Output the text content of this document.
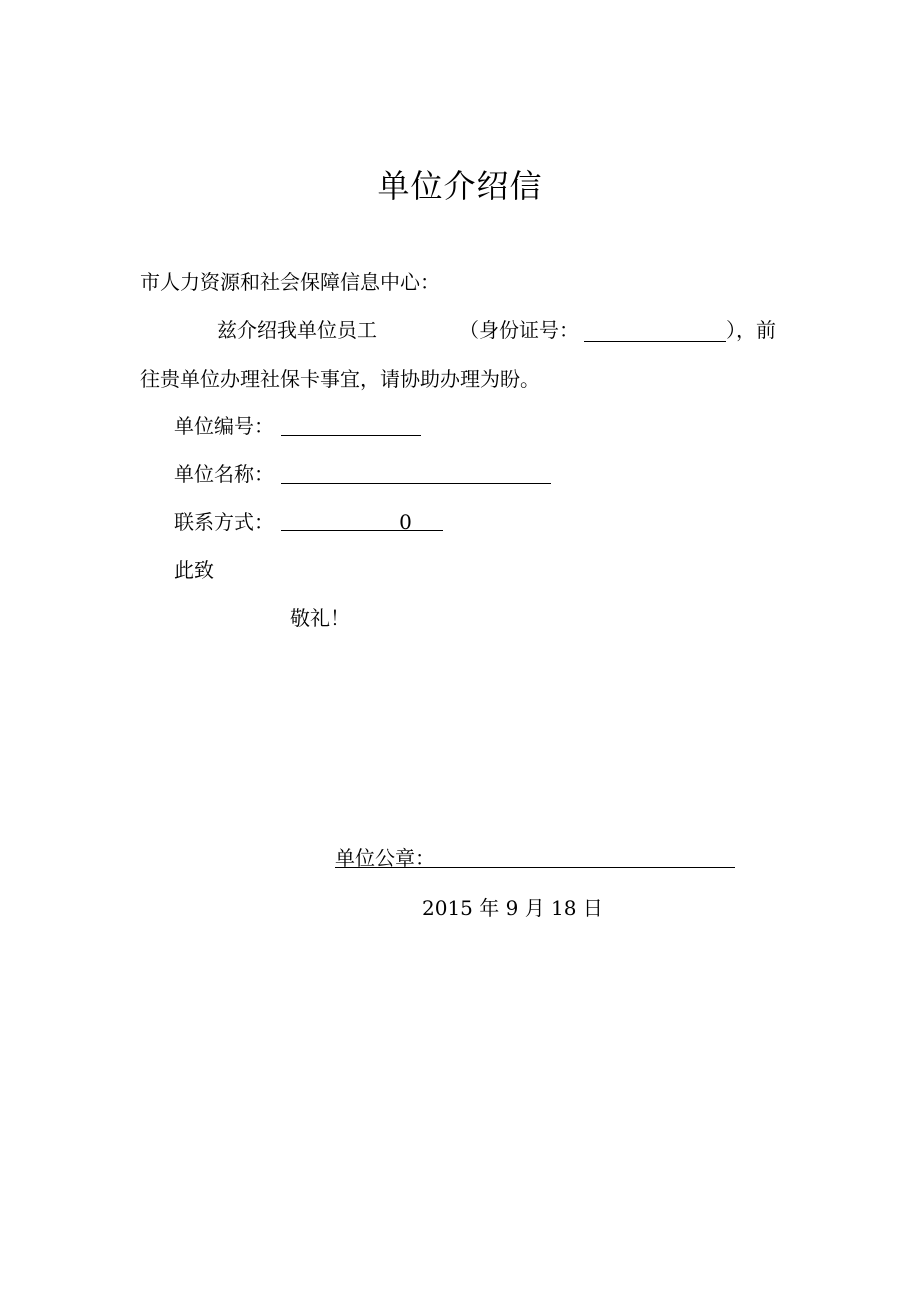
单位介绍信
市人力资源和社会保障信息中心：
兹介绍我单位员工	（身份证号：	），前
往贵单位办理社保卡事宜，请协助办理为盼。
单位编号：
单位名称：
联系方式：	0
此致
敬礼！
单位公章：
2015 年 9 月 18 日
